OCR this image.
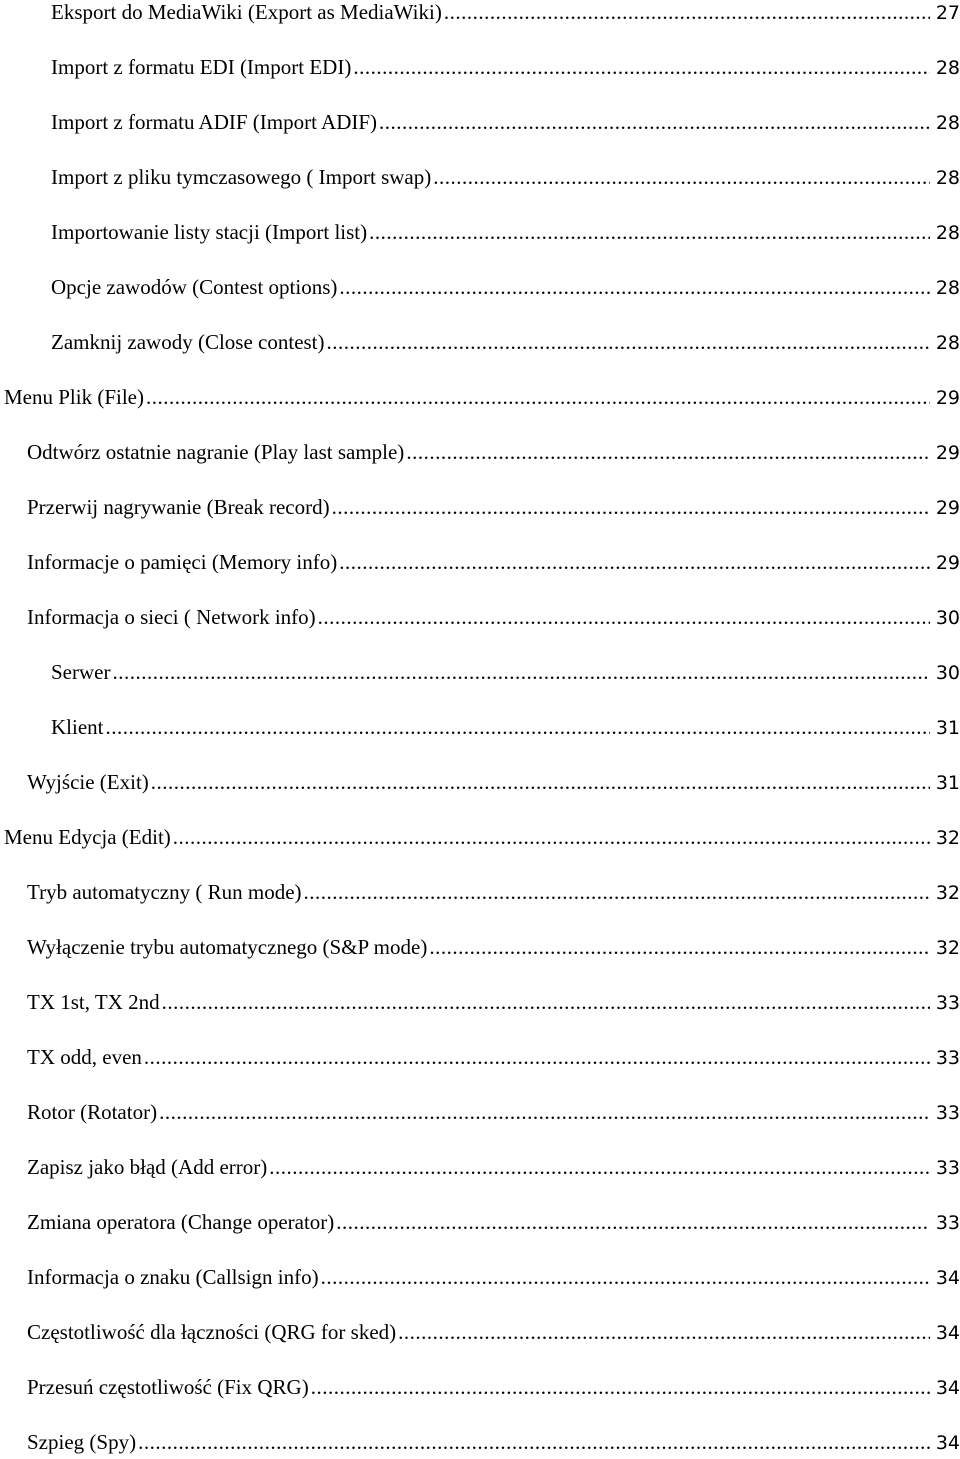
Eksport do MediaWiki (Export as MediaWiki) .....	27
Import z formatu EDI (Import EDI) .....	28
Import z formatu ADIF (Import ADIF) .....	28
Import z pliku tymczasowego ( Import swap) .....	28
Importowanie listy stacji (Import list) .....	28
Opcje zawodów (Contest options) .....	28
Zamknij zawody (Close contest) .....	28
Menu Plik (File) .....	29
Odtwórz ostatnie nagranie (Play last sample) .....	29
Przerwij nagrywanie (Break record) .....	29
Informacje o pamięci (Memory info) .....	29
Informacja o sieci ( Network info) .....	30
Serwer .....	30
Klient .....	31
Wyjście (Exit) .....	31
Menu Edycja (Edit) .....	32
Tryb automatyczny ( Run mode) .....	32
Wyłączenie trybu automatycznego (S&P mode) .....	32
TX 1st, TX 2nd .....	33
TX odd, even .....	33
Rotor (Rotator) .....	33
Zapisz jako błąd (Add error) .....	33
Zmiana operatora (Change operator) .....	33
Informacja o znaku (Callsign info) .....	34
Częstotliwość dla łączności (QRG for sked) .....	34
Przesuń częstotliwość (Fix QRG) .....	34
Szpieg (Spy) .....	34
